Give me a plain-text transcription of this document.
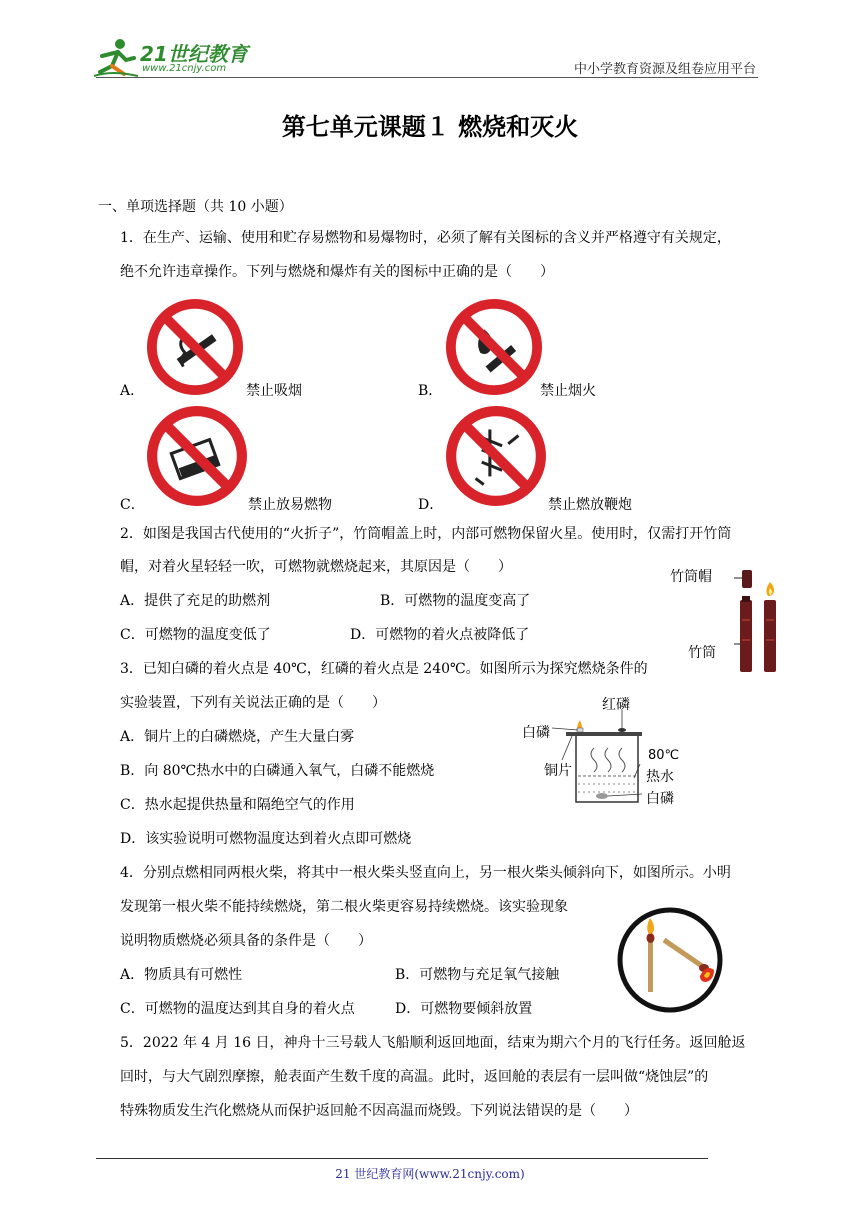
21世纪教育
www.21cnjy.com	中小学教育资源及组卷应用平台
第七单元课题１ 燃烧和灭火
一、单项选择题（共 10 小题）
1．在生产、运输、使用和贮存易燃物和易爆物时，必须了解有关图标的含义并严格遵守有关规定，
绝不允许违章操作。下列与燃烧和爆炸有关的图标中正确的是（　　）
A．	禁止吸烟	B．	禁止烟火
C．	禁止放易燃物	D．	禁止燃放鞭炮
2．如图是我国古代使用的“火折子”，竹筒帽盖上时，内部可燃物保留火星。使用时，仅需打开竹筒
帽，对着火星轻轻一吹，可燃物就燃烧起来，其原因是（　　）
A．提供了充足的助燃剂	B．可燃物的温度变高了
C．可燃物的温度变低了	D．可燃物的着火点被降低了
竹筒帽
竹筒
3．已知白磷的着火点是 40℃，红磷的着火点是 240℃。如图所示为探究燃烧条件的
实验装置，下列有关说法正确的是（　　）
A．铜片上的白磷燃烧，产生大量白雾
B．向 80℃热水中的白磷通入氧气，白磷不能燃烧
C．热水起提供热量和隔绝空气的作用
D．该实验说明可燃物温度达到着火点即可燃烧
红磷
白磷
铜片
80℃
热水
白磷
4．分别点燃相同两根火柴，将其中一根火柴头竖直向上，另一根火柴头倾斜向下，如图所示。小明
发现第一根火柴不能持续燃烧，第二根火柴更容易持续燃烧。该实验现象
说明物质燃烧必须具备的条件是（　　）
A．物质具有可燃性	B．可燃物与充足氧气接触
C．可燃物的温度达到其自身的着火点	D．可燃物要倾斜放置
5．2022 年 4 月 16 日，神舟十三号载人飞船顺利返回地面，结束为期六个月的飞行任务。返回舱返
回时，与大气剧烈摩擦，舱表面产生数千度的高温。此时，返回舱的表层有一层叫做“烧蚀层”的
特殊物质发生汽化燃烧从而保护返回舱不因高温而烧毁。下列说法错误的是（　　）
21 世纪教育网(www.21cnjy.com)
